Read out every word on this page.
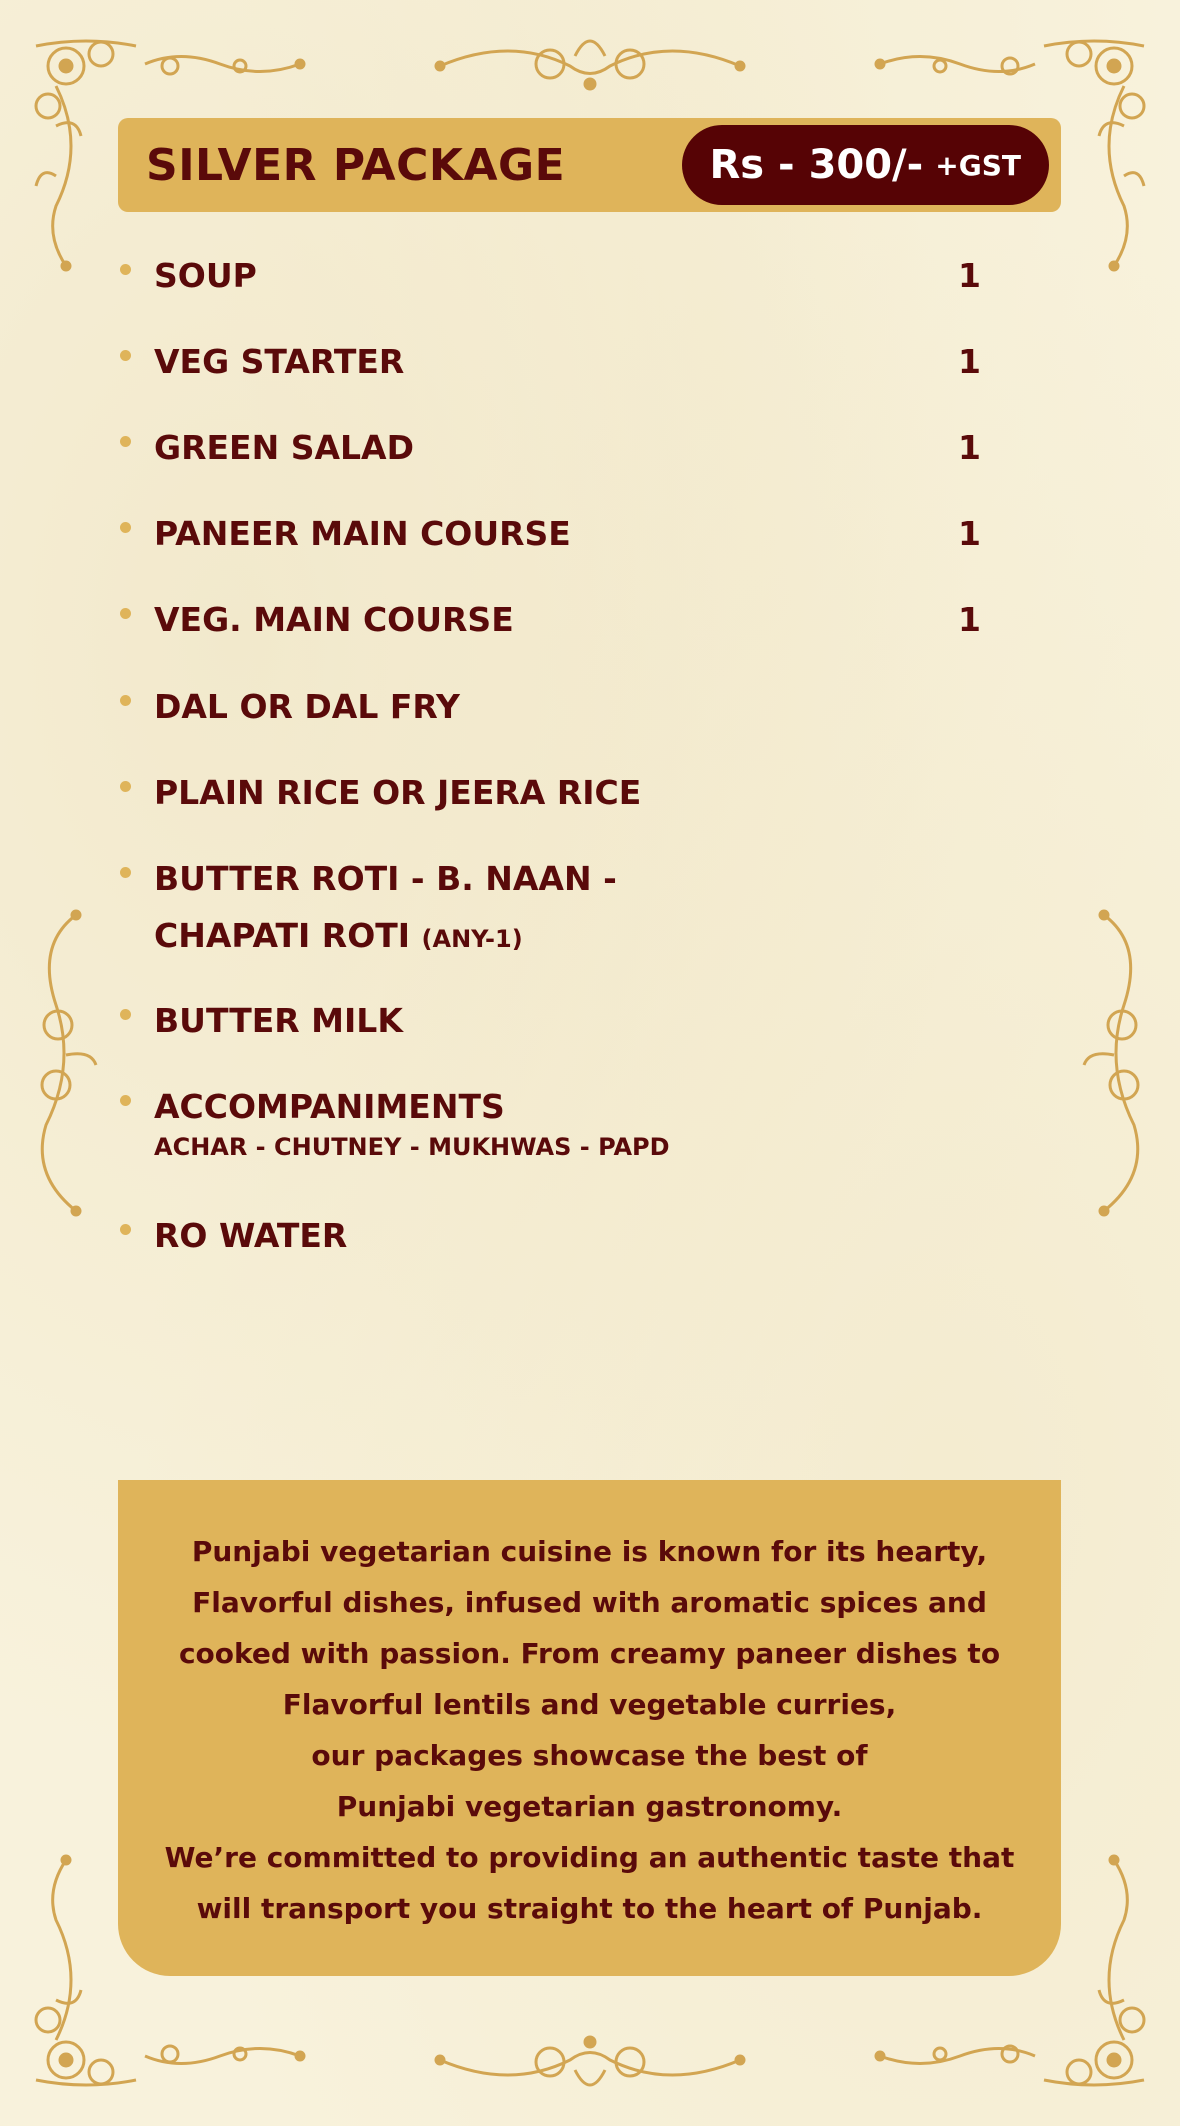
SILVER PACKAGE	Rs - 300/- +GST
SOUP	1
VEG STARTER	1
GREEN SALAD	1
PANEER MAIN COURSE	1
VEG. MAIN COURSE	1
DAL OR DAL FRY
PLAIN RICE OR JEERA RICE
BUTTER ROTI - B. NAAN -
CHAPATI ROTI (ANY-1)
BUTTER MILK
ACCOMPANIMENTS
ACHAR - CHUTNEY - MUKHWAS - PAPD
RO WATER
Punjabi vegetarian cuisine is known for its hearty,
Flavorful dishes, infused with aromatic spices and
cooked with passion. From creamy paneer dishes to
Flavorful lentils and vegetable curries,
our packages showcase the best of
Punjabi vegetarian gastronomy.
We’re committed to providing an authentic taste that
will transport you straight to the heart of Punjab.
